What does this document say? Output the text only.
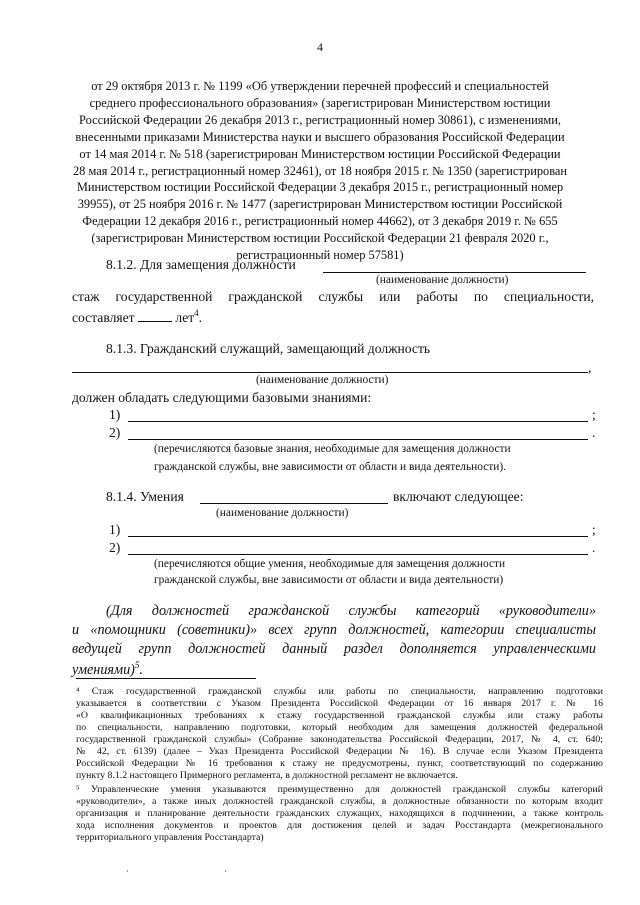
4
от 29 октября 2013 г. № 1199 «Об утверждении перечней профессий и специальностей
среднего профессионального образования» (зарегистрирован Министерством юстиции
Российской Федерации 26 декабря 2013 г., регистрационный номер 30861), с изменениями,
внесенными приказами Министерства науки и высшего образования Российской Федерации
от 14 мая 2014 г. № 518 (зарегистрирован Министерством юстиции Российской Федерации
28 мая 2014 г., регистрационный номер 32461), от 18 ноября 2015 г. № 1350 (зарегистрирован
Министерством юстиции Российской Федерации 3 декабря 2015 г., регистрационный номер
39955), от 25 ноября 2016 г. № 1477 (зарегистрирован Министерством юстиции Российской
Федерации 12 декабря 2016 г., регистрационный номер 44662), от 3 декабря 2019 г. № 655
(зарегистрирован Министерством юстиции Российской Федерации 21 февраля 2020 г.,
регистрационный номер 57581)
8.1.2. Для замещения должности
(наименование должности)
стаж государственной гражданской службы или работы по специальности,
составляет	лет$^4$.
8.1.3. Гражданский служащий, замещающий должность
,
(наименование должности)
должен обладать следующими базовыми знаниями:
1)	;
2)	.
(перечисляются базовые знания, необходимые для замещения должности
гражданской службы, вне зависимости от области и вида деятельности).
8.1.4. Умения	включают следующее:
(наименование должности)
1)	;
2)	.
(перечисляются общие умения, необходимые для замещения должности
гражданской службы, вне зависимости от области и вида деятельности)
(Для должностей гражданской службы категорий «руководители»
и «помощники (советники)» всех групп должностей, категории специалисты
ведущей групп должностей данный раздел дополняется управленческими
умениями)$^5$.
⁴ Стаж государственной гражданской службы или работы по специальности, направлению подготовки
указывается в соответствии с Указом Президента Российской Федерации от 16 января 2017 г. № 16
«О квалификационных требованиях к стажу государственной гражданской службы или стажу работы
по специальности, направлению подготовки, который необходим для замещения должностей федеральной
государственной гражданской службы» (Собрание законодательства Российской Федерации, 2017, № 4, ст. 640;
№ 42, ст. 6139) (далее – Указ Президента Российской Федерации № 16). В случае если Указом Президента
Российской Федерации № 16 требования к стажу не предусмотрены, пункт, соответствующий по содержанию
пункту 8.1.2 настоящего Примерного регламента, в должностной регламент не включается.
⁵ Управленческие умения указываются преимущественно для должностей гражданской службы категорий
«руководители», а также иных должностей гражданской службы, в должностные обязанности по которым входит
организация и планирование деятельности гражданских служащих, находящихся в подчинении, а также контроль
хода исполнения документов и проектов для достижения целей и задач Росстандарта (межрегионального
территориального управления Росстандарта)
·	·
